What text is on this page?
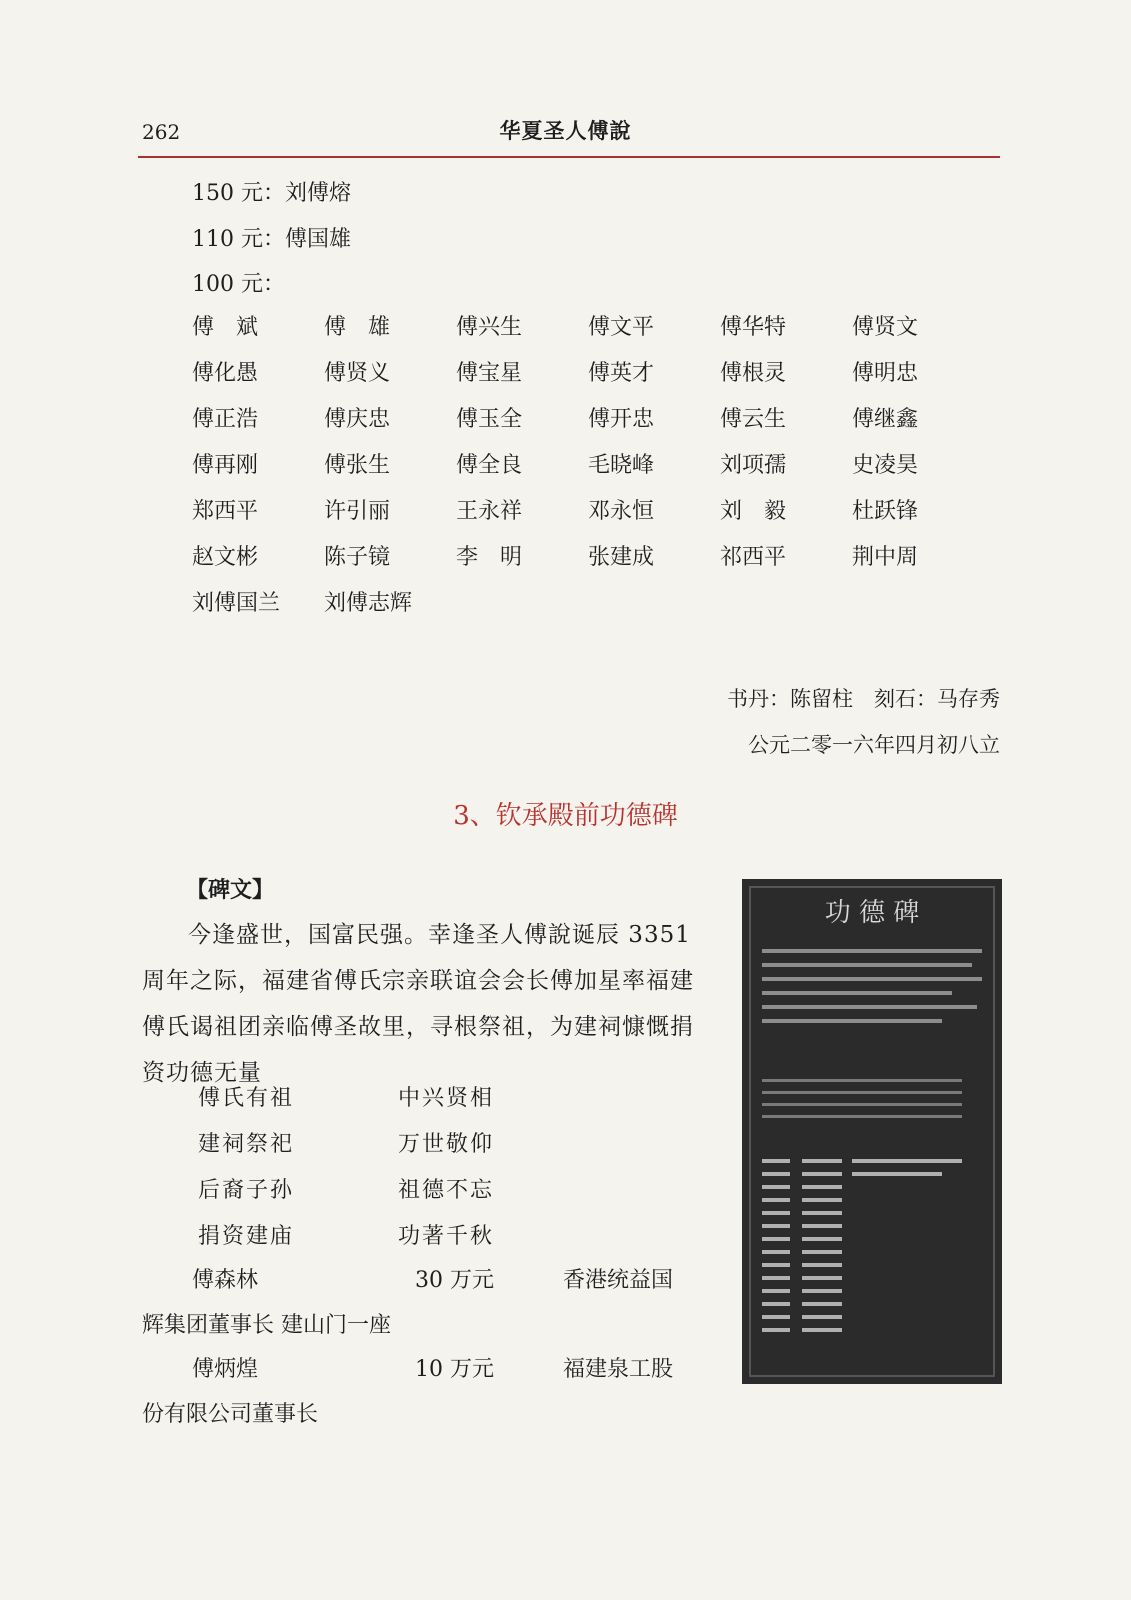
262	华夏圣人傅說
150 元：刘傅熔
110 元：傅国雄
100 元：
傅　斌	傅　雄	傅兴生	傅文平	傅华特	傅贤文
傅化愚	傅贤义	傅宝星	傅英才	傅根灵	傅明忠
傅正浩	傅庆忠	傅玉全	傅开忠	傅云生	傅继鑫
傅再刚	傅张生	傅全良	毛晓峰	刘项孺	史凌昊
郑西平	许引丽	王永祥	邓永恒	刘　毅	杜跃锋
赵文彬	陈子镜	李　明	张建成	祁西平	荆中周
刘傅国兰	刘傅志辉
书丹：陈留柱　刻石：马存秀
公元二零一六年四月初八立
3、钦承殿前功德碑
【碑文】
今逢盛世，国富民强。幸逢圣人傅說诞辰 3351 周年之际，福建省傅氏宗亲联谊会会长傅加星率福建傅氏谒祖团亲临傅圣故里，寻根祭祖，为建祠慷慨捐资功德无量
傅氏有祖	中兴贤相
建祠祭祀	万世敬仰
后裔子孙	祖德不忘
捐资建庙	功著千秋
傅森林	30 万元	香港统益国
辉集团董事长 建山门一座
傅炳煌	10 万元	福建泉工股
份有限公司董事长
功 德 碑
